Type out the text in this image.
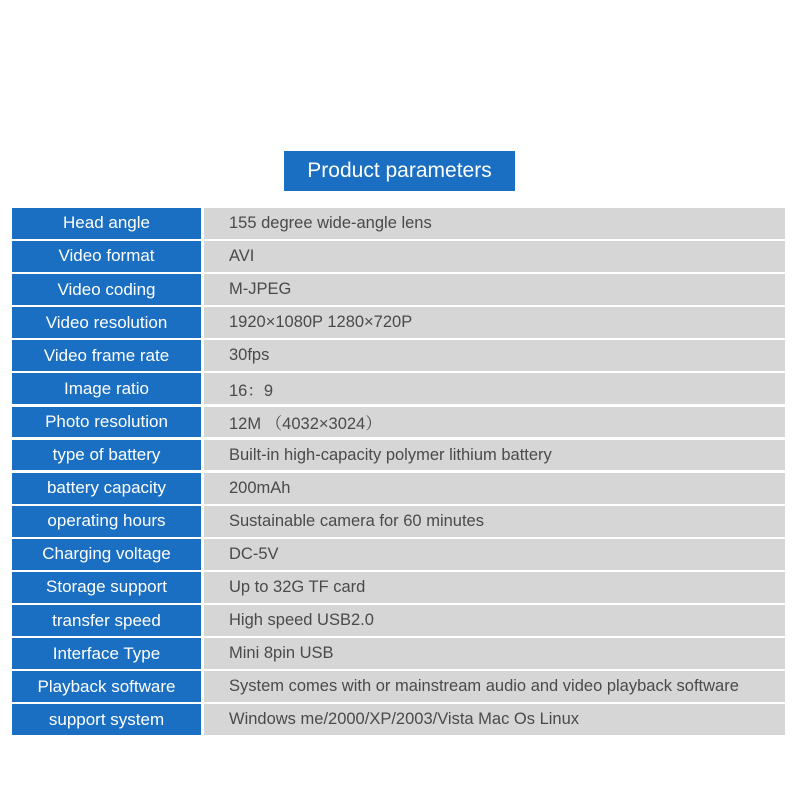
Product parameters
Head angle	155 degree wide-angle lens
Video format	AVI
Video coding	M-JPEG
Video resolution	1920×1080P 1280×720P
Video frame rate	30fps
Image ratio	16：9
Photo resolution	12M （4032×3024）
type of battery	Built-in high-capacity polymer lithium battery
battery capacity	200mAh
operating hours	Sustainable camera for 60 minutes
Charging voltage	DC-5V
Storage support	Up to 32G TF card
transfer speed	High speed USB2.0
Interface Type	Mini 8pin USB
Playback software	System comes with or mainstream audio and video playback software
support system	Windows me/2000/XP/2003/Vista Mac Os Linux
